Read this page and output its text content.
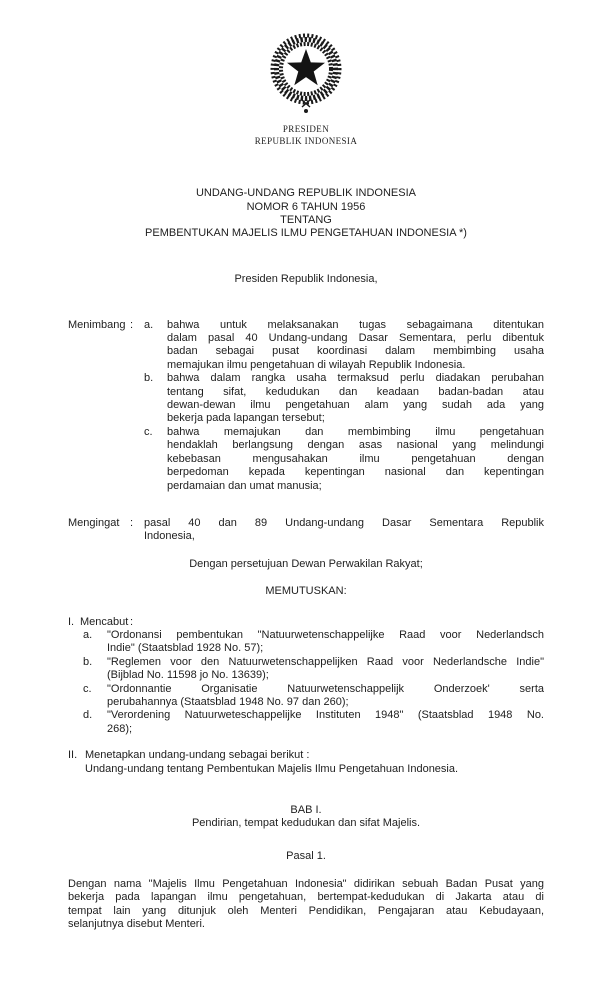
PRESIDEN
REPUBLIK INDONESIA
UNDANG-UNDANG REPUBLIK INDONESIA
NOMOR 6 TAHUN 1956
TENTANG
PEMBENTUKAN MAJELIS ILMU PENGETAHUAN INDONESIA *)
Presiden Republik Indonesia,
Menimbang : a.	bahwa untuk melaksanakan tugas sebagaimana ditentukan
dalam pasal 40 Undang-undang Dasar Sementara, perlu dibentuk
badan sebagai pusat koordinasi dalam membimbing usaha
memajukan ilmu pengetahuan di wilayah Republik Indonesia.
b.	bahwa dalam rangka usaha termaksud perlu diadakan perubahan
tentang sifat, kedudukan dan keadaan badan-badan atau
dewan-dewan ilmu pengetahuan alam yang sudah ada yang
bekerja pada lapangan tersebut;
c.	bahwa memajukan dan membimbing ilmu pengetahuan
hendaklah berlangsung dengan asas nasional yang melindungi
kebebasan mengusahakan ilmu pengetahuan dengan
berpedoman kepada kepentingan nasional dan kepentingan
perdamaian dan umat manusia;
Mengingat : pasal 40 dan 89 Undang-undang Dasar Sementara Republik
Indonesia,
Dengan persetujuan Dewan Perwakilan Rakyat;
MEMUTUSKAN:
I. Mencabut :
a.	"Ordonansi pembentukan "Natuurwetenschappelijke Raad voor Nederlandsch
Indie" (Staatsblad 1928 No. 57);
b.	"Reglemen voor den Natuurwetenschappelijken Raad voor Nederlandsche Indie"
(Bijblad No. 11598 jo No. 13639);
c.	"Ordonnantie Organisatie Natuurwetenschappelijk Onderzoek' serta
perubahannya (Staatsblad 1948 No. 97 dan 260);
d.	"Verordening Natuurweteschappelijke Instituten 1948" (Staatsblad 1948 No.
268);
II. Menetapkan undang-undang sebagai berikut :
Undang-undang tentang Pembentukan Majelis Ilmu Pengetahuan Indonesia.
BAB I.
Pendirian, tempat kedudukan dan sifat Majelis.
Pasal 1.
Dengan nama "Majelis Ilmu Pengetahuan Indonesia" didirikan sebuah Badan Pusat yang
bekerja pada lapangan ilmu pengetahuan, bertempat-kedudukan di Jakarta atau di
tempat lain yang ditunjuk oleh Menteri Pendidikan, Pengajaran atau Kebudayaan,
selanjutnya disebut Menteri.
